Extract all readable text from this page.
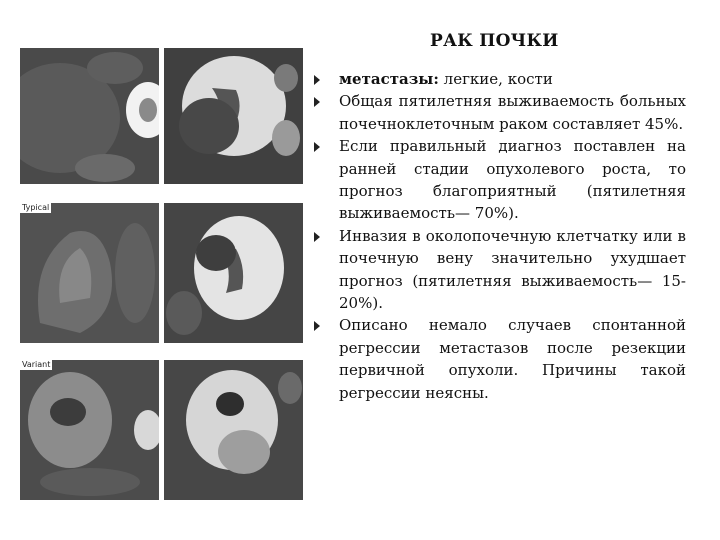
Typical
Variant
РАК ПОЧКИ
метастазы: легкие, кости
Общая пятилетняя выживаемость больных почечноклеточным раком составляет 45%.
Если правильный диагноз поставлен на ранней стадии опухолевого роста, то прогноз благоприятный (пятилетняя выживаемость— 70%).
Инвазия в околопочечную клетчатку или в почечную вену значительно ухудшает прогноз (пятилетняя выживаемость— 15-20%).
Описано немало случаев спонтанной регрессии метастазов после резекции первичной опухоли. Причины такой регрессии неясны.
